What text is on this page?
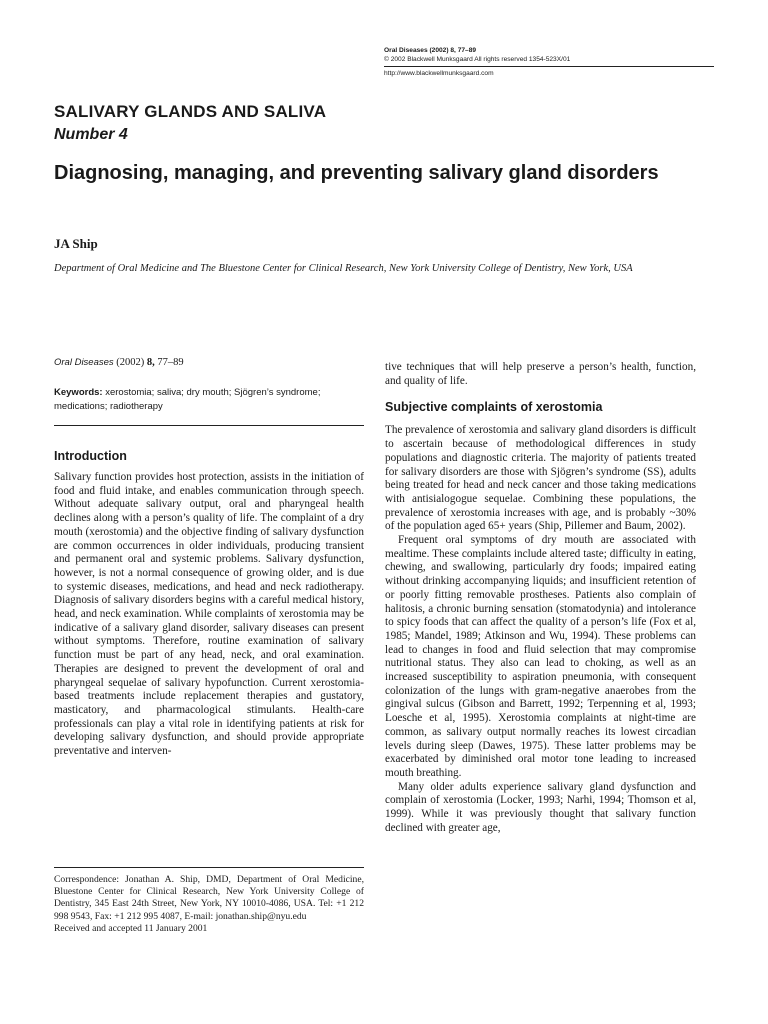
Oral Diseases (2002) 8, 77–89
© 2002 Blackwell Munksgaard All rights reserved 1354-523X/01
http://www.blackwellmunksgaard.com
SALIVARY GLANDS AND SALIVA
Number 4
Diagnosing, managing, and preventing salivary gland disorders
JA Ship
Department of Oral Medicine and The Bluestone Center for Clinical Research, New York University College of Dentistry, New York, USA
Oral Diseases (2002) 8, 77–89
Keywords: xerostomia; saliva; dry mouth; Sjögren’s syndrome; medications; radiotherapy
Introduction

Salivary function provides host protection, assists in the initiation of food and fluid intake, and enables communication through speech. Without adequate salivary output, oral and pharyngeal health declines along with a person’s quality of life. The complaint of a dry mouth (xerostomia) and the objective finding of salivary dysfunction are common occurrences in older individuals, producing transient and permanent oral and systemic problems. Salivary dysfunction, however, is not a normal consequence of growing older, and is due to systemic diseases, medications, and head and neck radiotherapy. Diagnosis of salivary disorders begins with a careful medical history, head, and neck examination. While complaints of xerostomia may be indicative of a salivary gland disorder, salivary diseases can present without symptoms. Therefore, routine examination of salivary function must be part of any head, neck, and oral examination. Therapies are designed to prevent the development of oral and pharyngeal sequelae of salivary hypofunction. Current xerostomia-based treatments include replacement therapies and gustatory, masticatory, and pharmacological stimulants. Health-care professionals can play a vital role in identifying patients at risk for developing salivary dysfunction, and should provide appropriate preventative and interven-

Correspondence: Jonathan A. Ship, DMD, Department of Oral Medicine, Bluestone Center for Clinical Research, New York University College of Dentistry, 345 East 24th Street, New York, NY 10010-4086, USA. Tel: +1 212 998 9543, Fax: +1 212 995 4087, E-mail: jonathan.ship@nyu.edu
Received and accepted 11 January 2001

tive techniques that will help preserve a person’s health, function, and quality of life.

Subjective complaints of xerostomia

The prevalence of xerostomia and salivary gland disorders is difficult to ascertain because of methodological differences in study populations and diagnostic criteria. The majority of patients treated for salivary disorders are those with Sjögren’s syndrome (SS), adults being treated for head and neck cancer and those taking medications with antisialogogue sequelae. Combining these populations, the prevalence of xerostomia increases with age, and is probably ~30% of the population aged 65+ years (Ship, Pillemer and Baum, 2002).

Frequent oral symptoms of dry mouth are associated with mealtime. These complaints include altered taste; difficulty in eating, chewing, and swallowing, particularly dry foods; impaired eating without drinking accompanying liquids; and insufficient retention of or poorly fitting removable prostheses. Patients also complain of halitosis, a chronic burning sensation (stomatodynia) and intolerance to spicy foods that can affect the quality of a person’s life (Fox et al, 1985; Mandel, 1989; Atkinson and Wu, 1994). These problems can lead to changes in food and fluid selection that may compromise nutritional status. They also can lead to choking, as well as an increased susceptibility to aspiration pneumonia, with consequent colonization of the lungs with gram-negative anaerobes from the gingival sulcus (Gibson and Barrett, 1992; Terpenning et al, 1993; Loesche et al, 1995). Xerostomia complaints at night-time are common, as salivary output normally reaches its lowest circadian levels during sleep (Dawes, 1975). These latter problems may be exacerbated by diminished oral motor tone leading to increased mouth breathing.

Many older adults experience salivary gland dysfunction and complain of xerostomia (Locker, 1993; Narhi, 1994; Thomson et al, 1999). While it was previously thought that salivary function declined with greater age,
